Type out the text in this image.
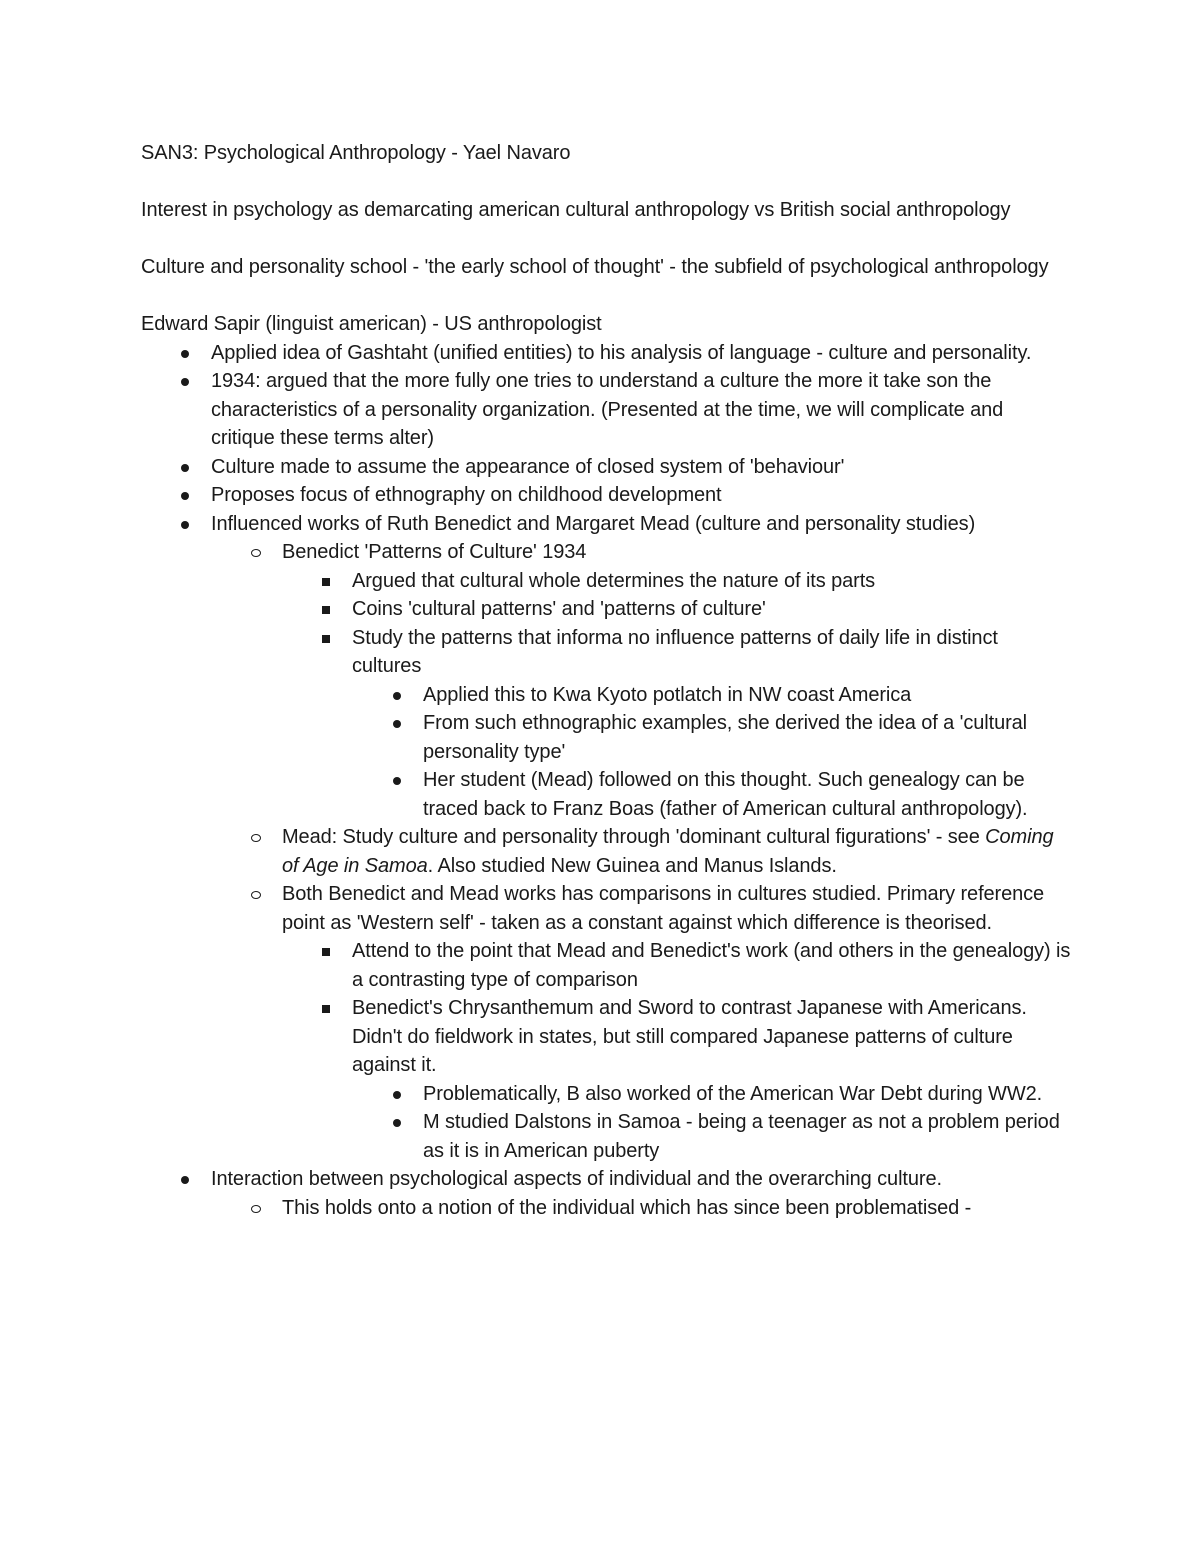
SAN3: Psychological Anthropology - Yael Navaro

Interest in psychology as demarcating american cultural anthropology vs British social anthropology

Culture and personality school - 'the early school of thought' - the subfield of psychological anthropology

Edward Sapir (linguist american) - US anthropologist

Applied idea of Gashtaht (unified entities) to his analysis of language - culture and personality.
1934: argued that the more fully one tries to understand a culture the more it take son the characteristics of a personality organization. (Presented at the time, we will complicate and critique these terms alter)
Culture made to assume the appearance of closed system of 'behaviour'
Proposes focus of ethnography on childhood development
Influenced works of Ruth Benedict and Margaret Mead (culture and personality studies)
Benedict 'Patterns of Culture' 1934
Argued that cultural whole determines the nature of its parts
Coins 'cultural patterns' and 'patterns of culture'
Study the patterns that informa no influence patterns of daily life in distinct cultures
Applied this to Kwa Kyoto potlatch in NW coast America
From such ethnographic examples, she derived the idea of a 'cultural personality type'
Her student (Mead) followed on this thought. Such genealogy can be traced back to Franz Boas (father of American cultural anthropology).
Mead: Study culture and personality through 'dominant cultural figurations' - see Coming of Age in Samoa. Also studied New Guinea and Manus Islands.
Both Benedict and Mead works has comparisons in cultures studied. Primary reference point as 'Western self' - taken as a constant against which difference is theorised.
Attend to the point that Mead and Benedict's work (and others in the genealogy) is a contrasting type of comparison
Benedict's Chrysanthemum and Sword to contrast Japanese with Americans. Didn't do fieldwork in states, but still compared Japanese patterns of culture against it.
Problematically, B also worked of the American War Debt during WW2.
M studied Dalstons in Samoa - being a teenager as not a problem period as it is in American puberty
Interaction between psychological aspects of individual and the overarching culture.
This holds onto a notion of the individual which has since been problematised -
